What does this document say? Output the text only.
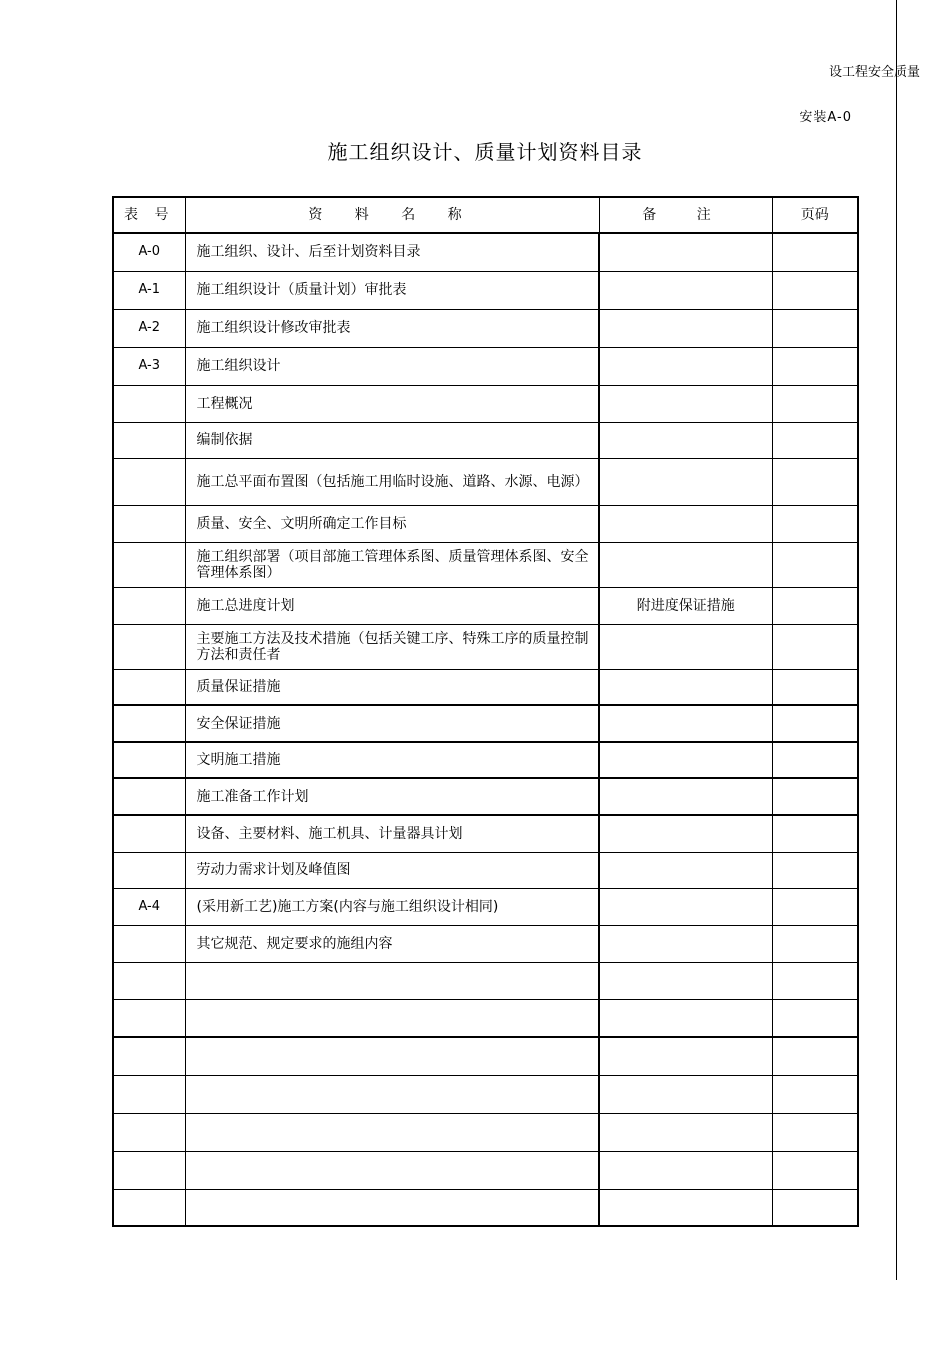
设工程安全质量
安装A-0
施工组织设计、质量计划资料目录
表 号	资 料 名 称	备 注	页码
A-0	施工组织、设计、后至计划资料目录		
A-1	施工组织设计（质量计划）审批表		
A-2	施工组织设计修改审批表		
A-3	施工组织设计		
	工程概况		
	编制依据		
	施工总平面布置图（包括施工用临时设施、道路、水源、电源）		
	质量、安全、文明所确定工作目标		
	施工组织部署（项目部施工管理体系图、质量管理体系图、安全管理体系图）		
	施工总进度计划	附进度保证措施	
	主要施工方法及技术措施（包括关键工序、特殊工序的质量控制方法和责任者		
	质量保证措施		
	安全保证措施		
	文明施工措施		
	施工准备工作计划		
	设备、主要材料、施工机具、计量器具计划		
	劳动力需求计划及峰值图		
A-4	(采用新工艺)施工方案(内容与施工组织设计相同)		
	其它规范、规定要求的施组内容		
